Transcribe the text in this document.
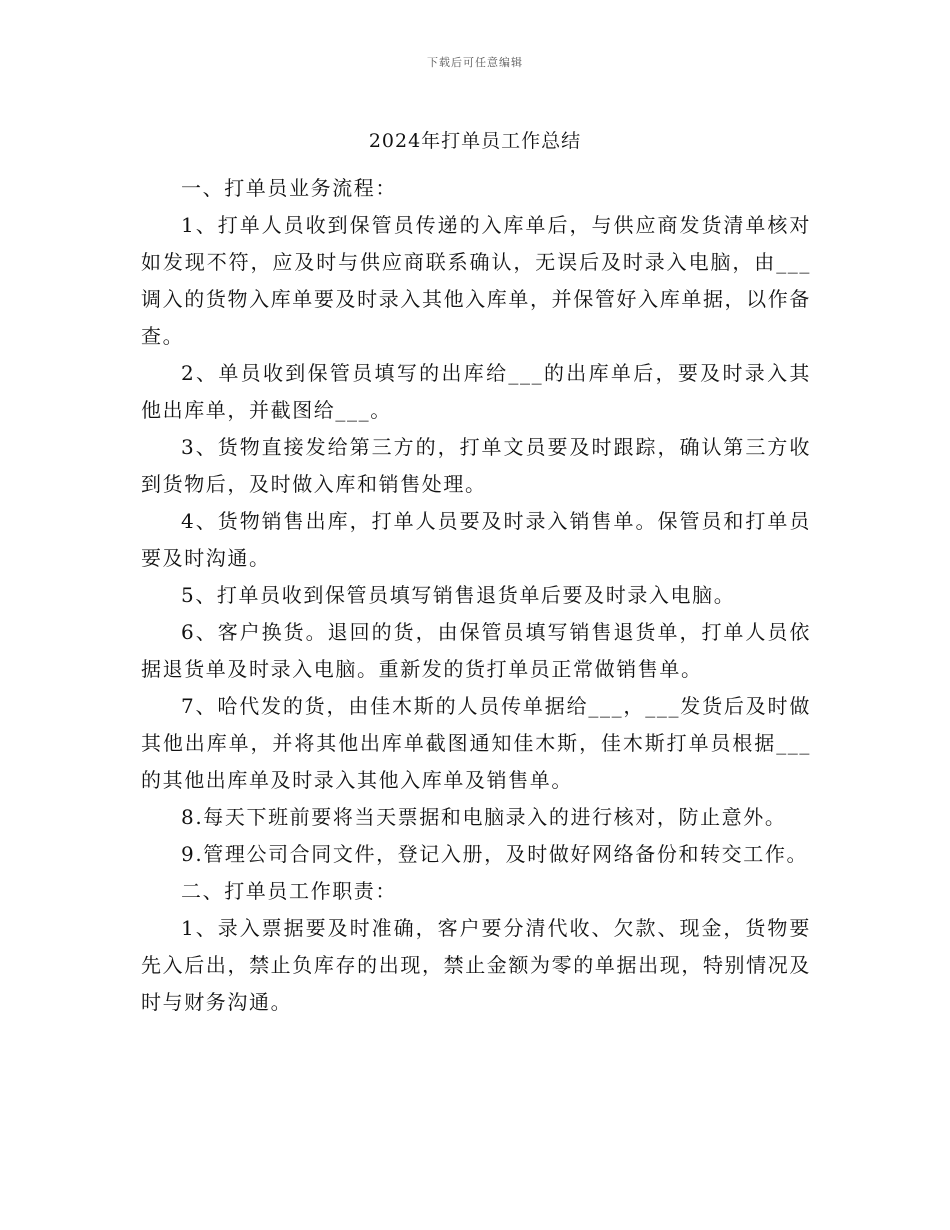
下载后可任意编辑
2024年打单员工作总结

一、打单员业务流程：

1、打单人员收到保管员传递的入库单后，与供应商发货清单核对如发现不符，应及时与供应商联系确认，无误后及时录入电脑，由___调入的货物入库单要及时录入其他入库单，并保管好入库单据，以作备查。

2、单员收到保管员填写的出库给___的出库单后，要及时录入其他出库单，并截图给___。

3、货物直接发给第三方的，打单文员要及时跟踪，确认第三方收到货物后，及时做入库和销售处理。

4、货物销售出库，打单人员要及时录入销售单。保管员和打单员要及时沟通。

5、打单员收到保管员填写销售退货单后要及时录入电脑。

6、客户换货。退回的货，由保管员填写销售退货单，打单人员依据退货单及时录入电脑。重新发的货打单员正常做销售单。

7、哈代发的货，由佳木斯的人员传单据给___，___发货后及时做其他出库单，并将其他出库单截图通知佳木斯，佳木斯打单员根据___的其他出库单及时录入其他入库单及销售单。

8.每天下班前要将当天票据和电脑录入的进行核对，防止意外。

9.管理公司合同文件，登记入册，及时做好网络备份和转交工作。

二、打单员工作职责：

1、录入票据要及时准确，客户要分清代收、欠款、现金，货物要先入后出，禁止负库存的出现，禁止金额为零的单据出现，特别情况及时与财务沟通。
